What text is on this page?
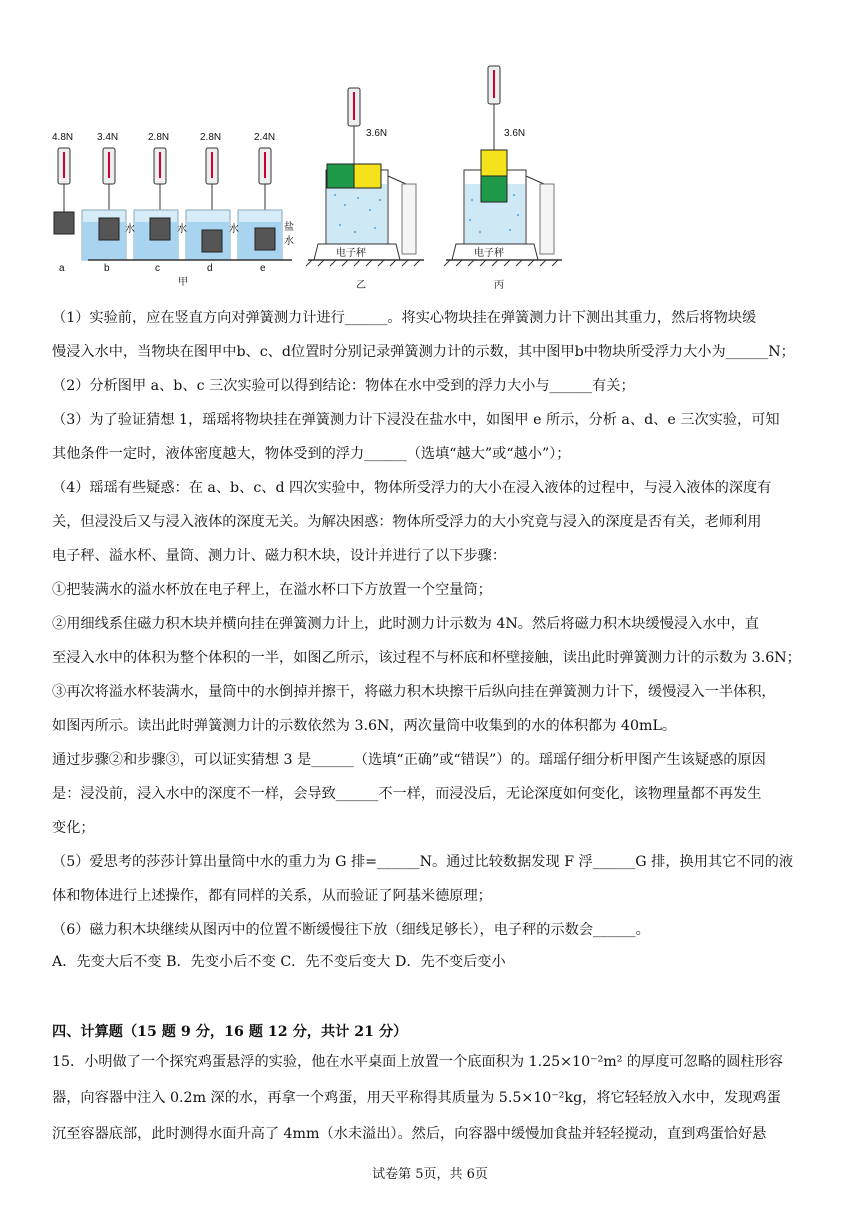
4.8N 3.4N	2.8N	2.8N	2.4N
水	水	水	盐
水
a	b	c	d	e
甲
3.6N
电子秤
乙
3.6N
电子秤
丙
（1）实验前，应在竖直方向对弹簧测力计进行______。将实心物块挂在弹簧测力计下测出其重力，然后将物块缓
慢浸入水中，当物块在图甲中b、c、d位置时分别记录弹簧测力计的示数，其中图甲b中物块所受浮力大小为______N；
（2）分析图甲 a、b、c 三次实验可以得到结论：物体在水中受到的浮力大小与______有关；
（3）为了验证猜想 1，瑶瑶将物块挂在弹簧测力计下浸没在盐水中，如图甲 e 所示，分析 a、d、e 三次实验，可知
其他条件一定时，液体密度越大，物体受到的浮力______（选填“越大”或“越小”）；
（4）瑶瑶有些疑惑：在 a、b、c、d 四次实验中，物体所受浮力的大小在浸入液体的过程中，与浸入液体的深度有
关，但浸没后又与浸入液体的深度无关。为解决困惑：物体所受浮力的大小究竟与浸入的深度是否有关，老师利用
电子秤、溢水杯、量筒、测力计、磁力积木块，设计并进行了以下步骤：
①把装满水的溢水杯放在电子秤上，在溢水杯口下方放置一个空量筒；
②用细线系住磁力积木块并横向挂在弹簧测力计上，此时测力计示数为 4N。然后将磁力积木块缓慢浸入水中，直
至浸入水中的体积为整个体积的一半，如图乙所示，该过程不与杯底和杯壁接触，读出此时弹簧测力计的示数为 3.6N；
③再次将溢水杯装满水，量筒中的水倒掉并擦干，将磁力积木块擦干后纵向挂在弹簧测力计下，缓慢浸入一半体积，
如图丙所示。读出此时弹簧测力计的示数依然为 3.6N，两次量筒中收集到的水的体积都为 40mL。
通过步骤②和步骤③，可以证实猜想 3 是______（选填“正确”或“错误”）的。瑶瑶仔细分析甲图产生该疑惑的原因
是：浸没前，浸入水中的深度不一样，会导致______不一样，而浸没后，无论深度如何变化，该物理量都不再发生
变化；
（5）爱思考的莎莎计算出量筒中水的重力为 G 排=______N。通过比较数据发现 F 浮______G 排，换用其它不同的液
体和物体进行上述操作，都有同样的关系，从而验证了阿基米德原理；
（6）磁力积木块继续从图丙中的位置不断缓慢往下放（细线足够长），电子秤的示数会______。
A．先变大后不变 B．先变小后不变 C．先不变后变大 D．先不变后变小
四、计算题（15 题 9 分，16 题 12 分，共计 21 分）
15．小明做了一个探究鸡蛋悬浮的实验，他在水平桌面上放置一个底面积为 1.25×10⁻²m² 的厚度可忽略的圆柱形容
器，向容器中注入 0.2m 深的水，再拿一个鸡蛋，用天平称得其质量为 5.5×10⁻²kg，将它轻轻放入水中，发现鸡蛋
沉至容器底部，此时测得水面升高了 4mm（水未溢出）。然后，向容器中缓慢加食盐并轻轻搅动，直到鸡蛋恰好悬
试卷第 5页，共 6页
